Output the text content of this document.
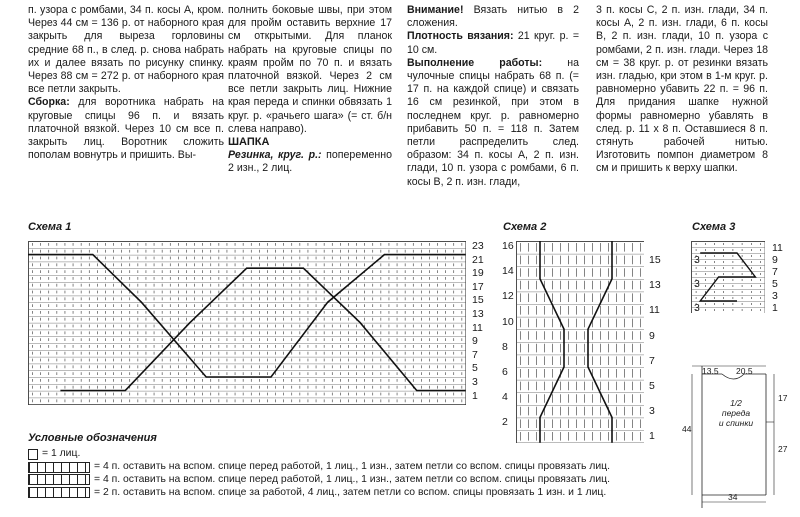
п. узора с ромбами, 34 п. косы А, кром. Через 44 см = 136 р. от наборного края закрыть для выреза горловины средние 68 п., в след. р. снова набрать их и далее вязать по рисунку спинку. Через 88 см = 272 р. от наборного края все петли закрыть.

Сборка: для воротника набрать на круговые спицы 96 п. и вязать платочной вязкой. Через 10 см все п. закрыть лиц. Воротник сложить пополам вовнутрь и пришить. Вы-

полнить боковые швы, при этом для пройм оставить верхние 17 см открытыми. Для планок набрать на круговые спицы по краям пройм по 70 п. и вязать платочной вязкой. Через 2 см все петли закрыть лиц. Нижние края переда и спинки обвязать 1 круг. р. «рачьего шага» (= ст. б/н слева направо).

ШАПКА

Резинка, круг. р.: попеременно 2 изн., 2 лиц.

Внимание! Вязать нитью в 2 сложения.

Плотность вязания: 21 круг. р. = 10 см.

Выполнение работы: на чулочные спицы набрать 68 п. (= 17 п. на каждой спице) и связать 16 см резинкой, при этом в последнем круг. р. равномерно прибавить 50 п. = 118 п. Затем петли распределить след. образом: 34 п. косы А, 2 п. изн. глади, 10 п. узора с ромбами, 6 п. косы В, 2 п. изн. глади,

3 п. косы С, 2 п. изн. глади, 34 п. косы А, 2 п. изн. глади, 6 п. косы В, 2 п. изн. глади, 10 п. узора с ромбами, 2 п. изн. глади. Через 18 см = 38 круг. р. от резинки вязать изн. гладью, кри этом в 1-м круг. р. равномерно убавить 22 п. = 96 п. Для придания шапке нужной формы равномерно убавлять в след. р. 11 х 8 п. Оставшиеся 8 п. стянуть рабочей нитью. Изготовить помпон диаметром 8 см и пришить к верху шапки.

Схема 1	Схема 2	Схема 3
23
21
19
17
15
13
11
9
7
5
3
1
16
14
12
10
8
6
4
2
15
13
11
9
7
5
3
1
11
9
7
5
3
1
3
3
3
13.5 20.5
17
27
44
34
1/2
переда
и спинки
Условные обозначения
= 1 лиц.
= 4 п. оставить на вспом. спице перед работой, 1 лиц., 1 изн., затем петли со вспом. спицы провязать лиц.
= 4 п. оставить на вспом. спице перед работой, 1 лиц., 1 изн., затем петли со вспом. спицы провязать лиц.
= 2 п. оставить на вспом. спице за работой, 4 лиц., затем петли со вспом. спицы провязать 1 изн. и 1 лиц.
